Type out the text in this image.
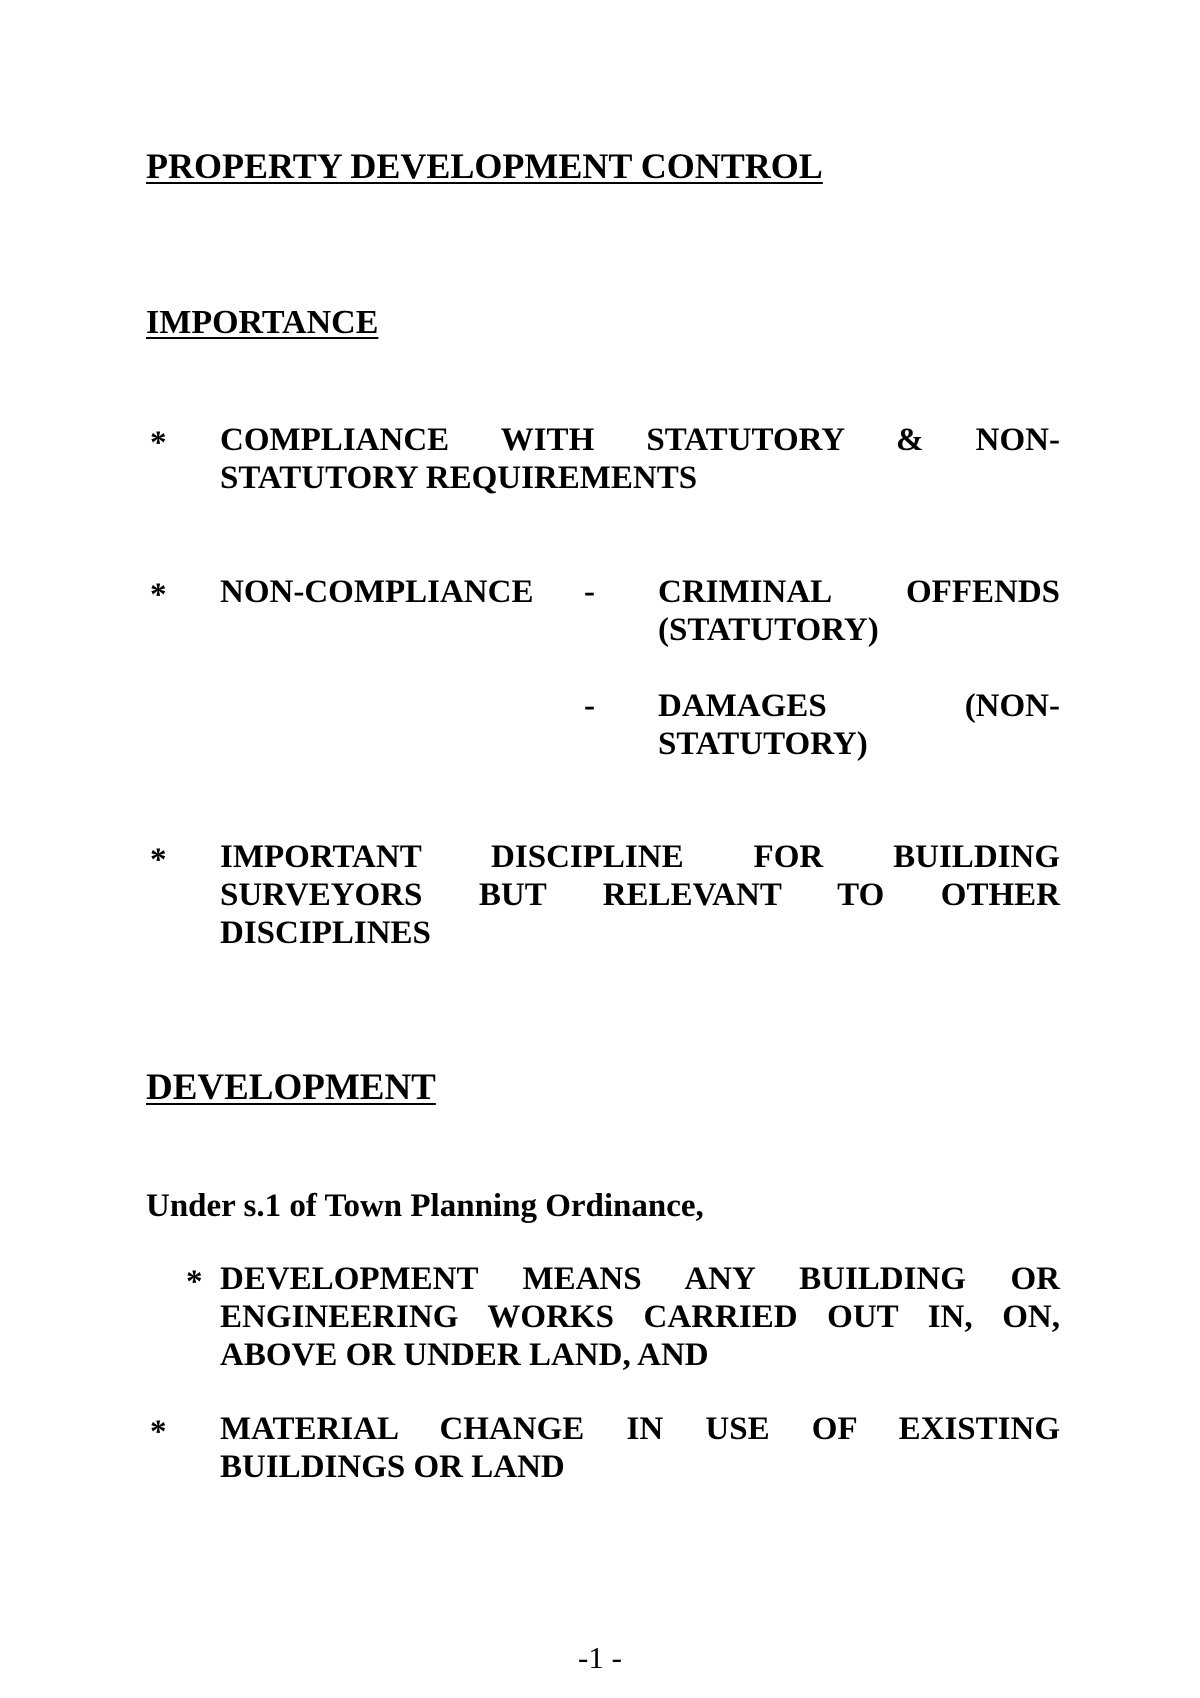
PROPERTY DEVELOPMENT CONTROL
IMPORTANCE
* COMPLIANCE WITH STATUTORY & NON-
STATUTORY REQUIREMENTS
* NON-COMPLIANCE - CRIMINAL OFFENDS
(STATUTORY)
- DAMAGES (NON-
STATUTORY)
* IMPORTANT DISCIPLINE FOR BUILDING
SURVEYORS BUT RELEVANT TO OTHER
DISCIPLINES
DEVELOPMENT

Under s.1 of Town Planning Ordinance,

* DEVELOPMENT MEANS ANY BUILDING OR
ENGINEERING WORKS CARRIED OUT IN, ON,
ABOVE OR UNDER LAND, AND
* MATERIAL CHANGE IN USE OF EXISTING
BUILDINGS OR LAND
-1 -
